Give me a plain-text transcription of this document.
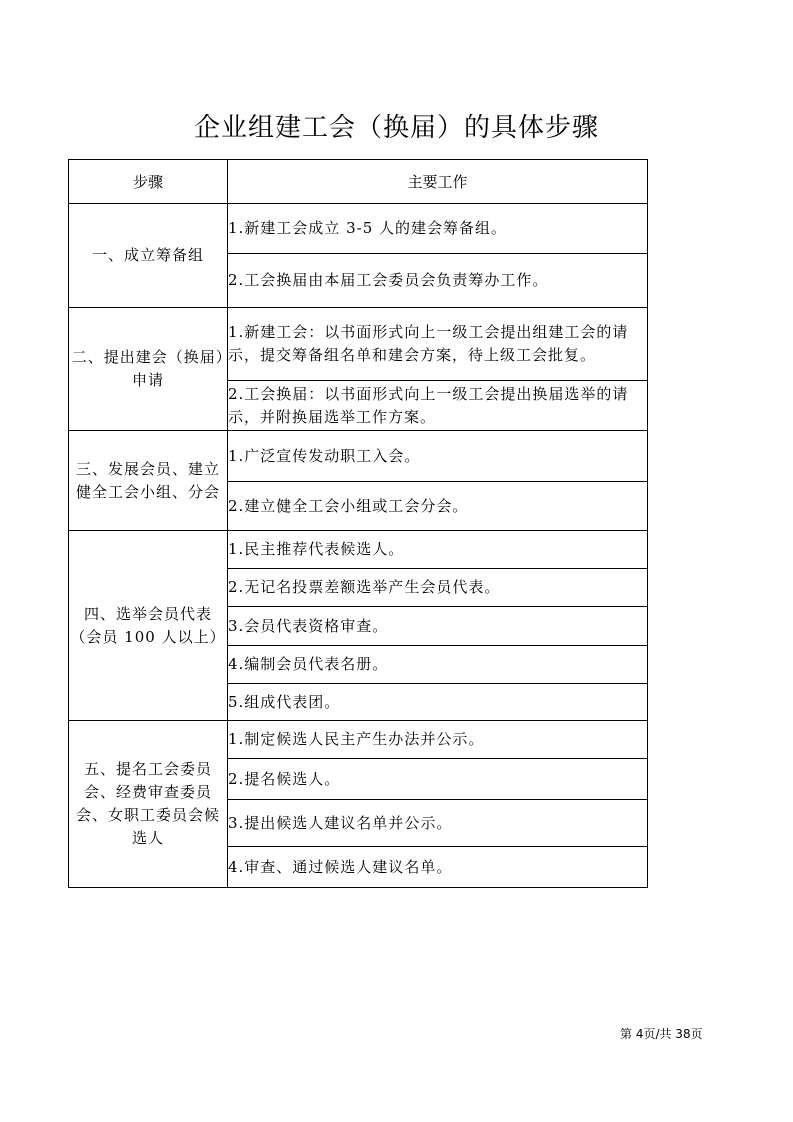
企业组建工会（换届）的具体步骤
步骤	主要工作
一、成立筹备组	1.新建工会成立 3-5 人的建会筹备组。
	2.工会换届由本届工会委员会负责筹办工作。
二、提出建会（换届）申请	1.新建工会：以书面形式向上一级工会提出组建工会的请示，提交筹备组名单和建会方案，待上级工会批复。
	2.工会换届：以书面形式向上一级工会提出换届选举的请示，并附换届选举工作方案。
三、发展会员、建立健全工会小组、分会	1.广泛宣传发动职工入会。
	2.建立健全工会小组或工会分会。
四、选举会员代表（会员 100 人以上）	1.民主推荐代表候选人。
	2.无记名投票差额选举产生会员代表。
	3.会员代表资格审查。
	4.编制会员代表名册。
	5.组成代表团。
五、提名工会委员会、经费审查委员会、女职工委员会候选人	1.制定候选人民主产生办法并公示。
	2.提名候选人。
	3.提出候选人建议名单并公示。
	4.审查、通过候选人建议名单。
第 4页/共 38页
